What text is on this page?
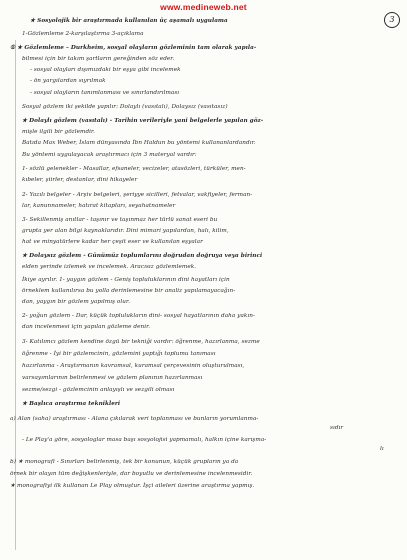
www.medineweb.net
3
★ Sosyolojik bir araştırmada kullanılan üç aşamalı uygulama
1-Gözlemleme 2-karşılaştırma 3-açıklama
① ★ Gözlemleme – Durkheim, sosyal olayların gözleminin tam olarak yapıla-
bilmesi için bir takım şartların gereğinden söz eder.
- sosyal olayları dışımızdaki bir eşya gibi incelemek
- ön yargılardan sıyrılmak
- sosyal olayların tanımlanması ve sınırlandırılması
Sosyal gözlem iki şekilde yapılır: Dolaylı (vasıtalı), Dolaysız (vasıtasız)
★ Dolaylı gözlem (vasıtalı) - Tarihin verileriyle yani belgelerle yapılan göz-
mişle ilgili bir gözlemdir.
Batıda Max Weber, İslam dünyasında İbn Haldun bu yöntemi kullananlardandır.
Bu yöntemi uygulayacak araştırmacı için 3 materyal vardır:
1- sözlü gelenekler - Masallar, efsaneler, vecizeler, atasözleri, türküler, men-
kıbeler, şiirler, destanlar, dini hikayeler
2- Yazılı belgeler - Arşiv belgeleri, şeriyye sicilleri, fetvalar, vakfiyeler, ferman-
lar, kanunnameler, hatırat kitapları, seyahatnameler
3- Sekillenmiş anıtlar - taşınır ve taşınmaz her türlü sanat eseri bu
grupta yer alan bilgi kaynaklarıdır. Dini mimari yapılardan, halı, kilim,
hat ve minyatürlere kadar her çeşit eser ve kullanılan eşyalar
★ Dolaysız gözlem - Günümüz toplumlarını doğrudan doğruya veya birinci
elden yerinde izlemek ve incelemek. Aracısız gözlemlemek.
İkiye ayrılır. 1- yaygın gözlem - Geniş topluluklarının dini hayatları için
örneklem kullanılırsa bu yolla derinlemesine bir analiz yapılamayacağın-
dan, yaygın bir gözlem yapılmış olur.
2- yoğun gözlem - Dar, küçük toplulukların dini- sosyal hayatlarının daha yakın-
dan incelenmesi için yapılan gözleme denir.
3- Katılımcı gözlem kendine özgü bir tekniği vardır: öğrenme, hazırlanma, sezme
öğrenme - İyi bir gözlemcinin, gözlemini yaptığı toplumu tanıması
hazırlanma - Araştırmanın kavramsal, kuramsal çerçevesinin oluşturulması,
varsayımlarının belirlenmesi ve gözlem planının hazırlanması
sezme/sezgi - gözlemcinin anlayışlı ve sezgili olması
★ Başlıca araştırma teknikleri
a) Alan (saha) araştırması - Alana çıkılarak veri toplanması ve bunların yorumlanma-
sıdır
- Le Play'a göre, sosyologlar masa başı sosyolojisi yapmamalı, halkın içine karışma-
lı
b) ★ monografi - Sınırları belirlenmiş, tek bir konunun, küçük grupların ya da
örnek bir olayın tüm değişkenleriyle, dar boyutlu ve derinlemesine incelenmesidir.
★ monografiyi ilk kullanan Le Play olmuştur. İşçi aileleri üzerine araştırma yapmış.
